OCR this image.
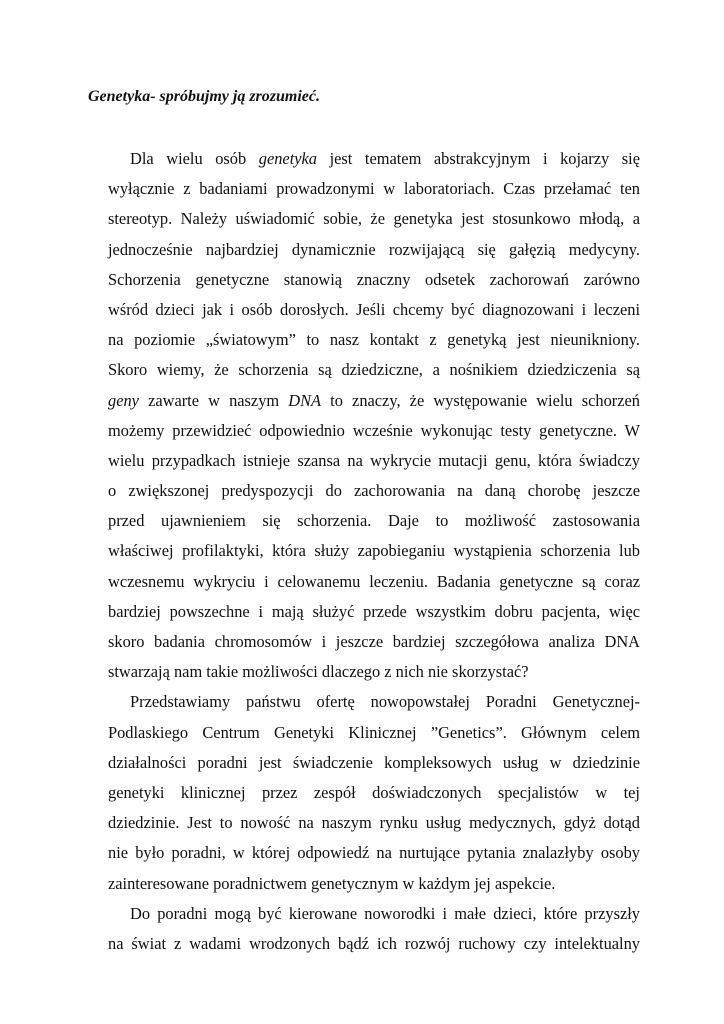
Genetyka- spróbujmy ją zrozumieć.
Dla wielu osób genetyka jest tematem abstrakcyjnym i kojarzy się
wyłącznie z badaniami prowadzonymi w laboratoriach. Czas przełamać ten
stereotyp. Należy uświadomić sobie, że genetyka jest stosunkowo młodą, a
jednocześnie najbardziej dynamicznie rozwijającą się gałęzią medycyny.
Schorzenia genetyczne stanowią znaczny odsetek zachorowań zarówno
wśród dzieci jak i osób dorosłych. Jeśli chcemy być diagnozowani i leczeni
na poziomie „światowym” to nasz kontakt z genetyką jest nieunikniony.
Skoro wiemy, że schorzenia są dziedziczne, a nośnikiem dziedziczenia są
geny zawarte w naszym DNA to znaczy, że występowanie wielu schorzeń
możemy przewidzieć odpowiednio wcześnie wykonując testy genetyczne. W
wielu przypadkach istnieje szansa na wykrycie mutacji genu, która świadczy
o zwiększonej predyspozycji do zachorowania na daną chorobę jeszcze
przed ujawnieniem się schorzenia. Daje to możliwość zastosowania
właściwej profilaktyki, która służy zapobieganiu wystąpienia schorzenia lub
wczesnemu wykryciu i celowanemu leczeniu. Badania genetyczne są coraz
bardziej powszechne i mają służyć przede wszystkim dobru pacjenta, więc
skoro badania chromosomów i jeszcze bardziej szczegółowa analiza DNA
stwarzają nam takie możliwości dlaczego z nich nie skorzystać?
Przedstawiamy państwu ofertę nowopowstałej Poradni Genetycznej-
Podlaskiego Centrum Genetyki Klinicznej ”Genetics”. Głównym celem
działalności poradni jest świadczenie kompleksowych usług w dziedzinie
genetyki klinicznej przez zespół doświadczonych specjalistów w tej
dziedzinie. Jest to nowość na naszym rynku usług medycznych, gdyż dotąd
nie było poradni, w której odpowiedź na nurtujące pytania znalazłyby osoby
zainteresowane poradnictwem genetycznym w każdym jej aspekcie.
Do poradni mogą być kierowane noworodki i małe dzieci, które przyszły
na świat z wadami wrodzonych bądź ich rozwój ruchowy czy intelektualny
